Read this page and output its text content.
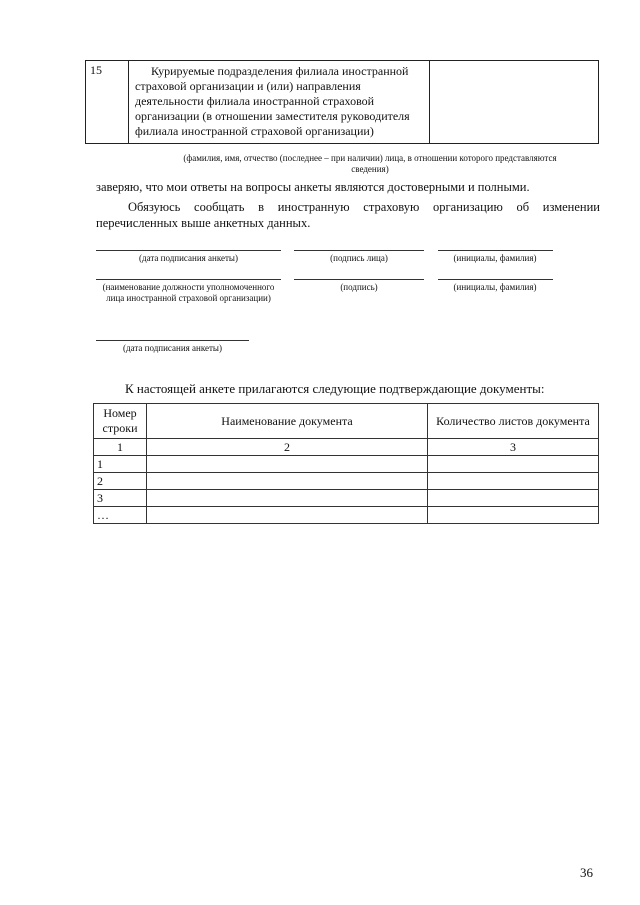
15	Курируемые подразделения филиала иностранной страховой организации и (или) направления деятельности филиала иностранной страховой организации (в отношении заместителя руководителя филиала иностранной страховой организации)

(фамилия, имя, отчество (последнее – при наличии) лица, в отношении которого представляются сведения)
заверяю, что мои ответы на вопросы анкеты являются достоверными и полными.
Обязуюсь сообщать в иностранную страховую организацию об изменении перечисленных выше анкетных данных.
(дата подписания анкеты)	(подпись лица)	(инициалы, фамилия)
(наименование должности уполномоченного лица иностранной страховой организации)
(подпись)	(инициалы, фамилия)
(дата подписания анкеты)
К настоящей анкете прилагаются следующие подтверждающие документы:
Номер строки	Наименование документа	Количество листов документа
1	2	3
1		
2		
3		
…		
36
